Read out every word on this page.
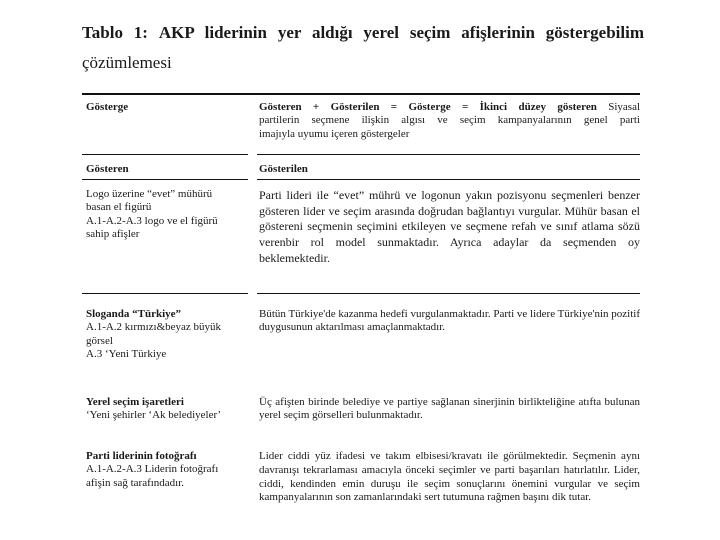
Tablo 1: AKP liderinin yer aldığı yerel seçim afişlerinin göstergebilim
çözümlemesi
Gösterge	Gösteren + Gösterilen = Gösterge = İkinci düzey gösteren Siyasal
partilerin seçmene ilişkin algısı ve seçim kampanyalarının genel parti
imajıyla uyumu içeren göstergeler
Gösteren	Gösterilen
Logo üzerine “evet” mühürü
basan el figürü
A.1-A.2-A.3 logo ve el figürü
sahip afişler
Parti lideri ile “evet” mührü ve logonun yakın pozisyonu seçmenleri benzer gösteren lider ve seçim arasında doğrudan bağlantıyı vurgular. Mühür basan el göstereni seçmenin seçimini etkileyen ve seçmene refah ve sınıf atlama sözü verenbir rol model sunmaktadır. Ayrıca adaylar da seçmenden oy beklemektedir.
Sloganda “Türkiye”
A.1-A.2 kırmızı&beyaz büyük
görsel
A.3 ‘Yeni Türkiye
Bütün Türkiye'de kazanma hedefi vurgulanmaktadır. Parti ve lidere Türkiye'nin pozitif duygusunun aktarılması amaçlanmaktadır.
Yerel seçim işaretleri
‘Yeni şehirler ‘Ak belediyeler’
Üç afişten birinde belediye ve partiye sağlanan sinerjinin birlikteliğine atıfta bulunan yerel seçim görselleri bulunmaktadır.
Parti liderinin fotoğrafı
A.1-A.2-A.3 Liderin fotoğrafı
afişin sağ tarafındadır.
Lider ciddi yüz ifadesi ve takım elbisesi/kravatı ile görülmektedir. Seçmenin aynı davranışı tekrarlaması amacıyla önceki seçimler ve parti başarıları hatırlatılır. Lider, ciddi, kendinden emin duruşu ile seçim sonuçlarını önemini vurgular ve seçim kampanyalarının son zamanlarındaki sert tutumuna rağmen başını dik tutar.
